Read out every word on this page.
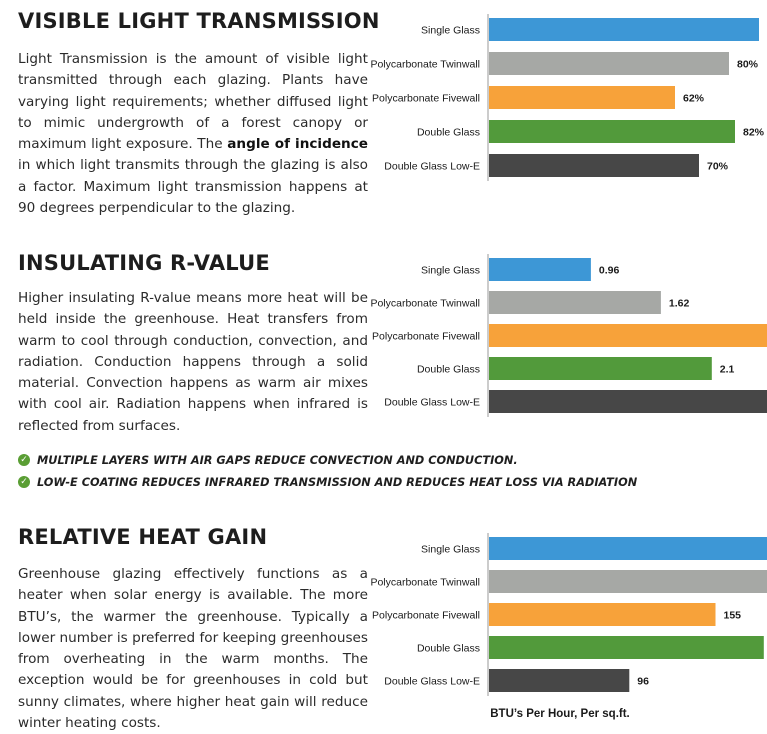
VISIBLE LIGHT TRANSMISSION

Light Transmission is the amount of visible light transmitted through each glazing. Plants have varying light requirements; whether diffused light to mimic undergrowth of a forest canopy or maximum light exposure. The angle of incidence in which light transmits through the glazing is also a factor. Maximum light transmission happens at 90 degrees perpendicular to the glazing.

Single Glass
Polycarbonate Twinwall	80%
Polycarbonate Fivewall	62%
Double Glass	82%
Double Glass Low-E	70%
INSULATING R-VALUE

Higher insulating R-value means more heat will be held inside the greenhouse. Heat transfers from warm to cool through conduction, convection, and radiation. Conduction happens through a solid material. Convection happens as warm air mixes with cool air. Radiation happens when infrared is reflected from surfaces.

Single Glass	0.96
Polycarbonate Twinwall	1.62
Polycarbonate Fivewall
Double Glass	2.1
Double Glass Low-E
✓ MULTIPLE LAYERS WITH AIR GAPS REDUCE CONVECTION AND CONDUCTION.
✓ LOW-E COATING REDUCES INFRARED TRANSMISSION AND REDUCES HEAT LOSS VIA RADIATION
RELATIVE HEAT GAIN

Greenhouse glazing effectively functions as a heater when solar energy is available. The more BTU’s, the warmer the greenhouse. Typically a lower number is preferred for keeping greenhouses from overheating in the warm months. The exception would be for greenhouses in cold but sunny climates, where higher heat gain will reduce winter heating costs.

Single Glass
Polycarbonate Twinwall
Polycarbonate Fivewall	155
Double Glass
Double Glass Low-E	96
BTU’s Per Hour, Per sq.ft.
